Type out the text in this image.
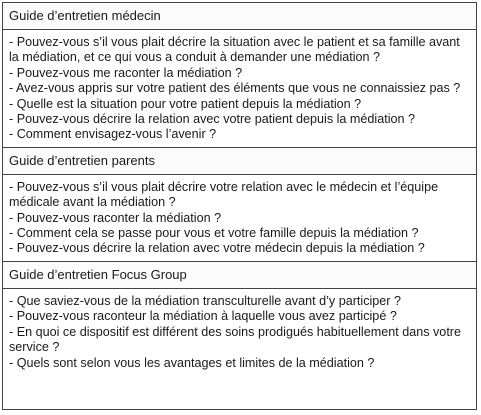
Guide d’entretien médecin

- Pouvez-vous s’il vous plait décrire la situation avec le patient et sa famille avant la médiation, et ce qui vous a conduit à demander une médiation ?

- Pouvez-vous me raconter la médiation ?

- Avez-vous appris sur votre patient des éléments que vous ne connaissiez pas ?

- Quelle est la situation pour votre patient depuis la médiation ?

- Pouvez-vous décrire la relation avec votre patient depuis la médiation ?

- Comment envisagez-vous l’avenir ?

Guide d’entretien parents

- Pouvez-vous s’il vous plait décrire votre relation avec le médecin et l’équipe médicale avant la médiation ?

- Pouvez-vous raconter la médiation ?

- Comment cela se passe pour vous et votre famille depuis la médiation ?

- Pouvez-vous décrire la relation avec votre médecin depuis la médiation ?

Guide d’entretien Focus Group

- Que saviez-vous de la médiation transculturelle avant d’y participer ?

- Pouvez-vous raconteur la médiation à laquelle vous avez participé ?

- En quoi ce dispositif est différent des soins prodigués habituellement dans votre service ?

- Quels sont selon vous les avantages et limites de la médiation ?
